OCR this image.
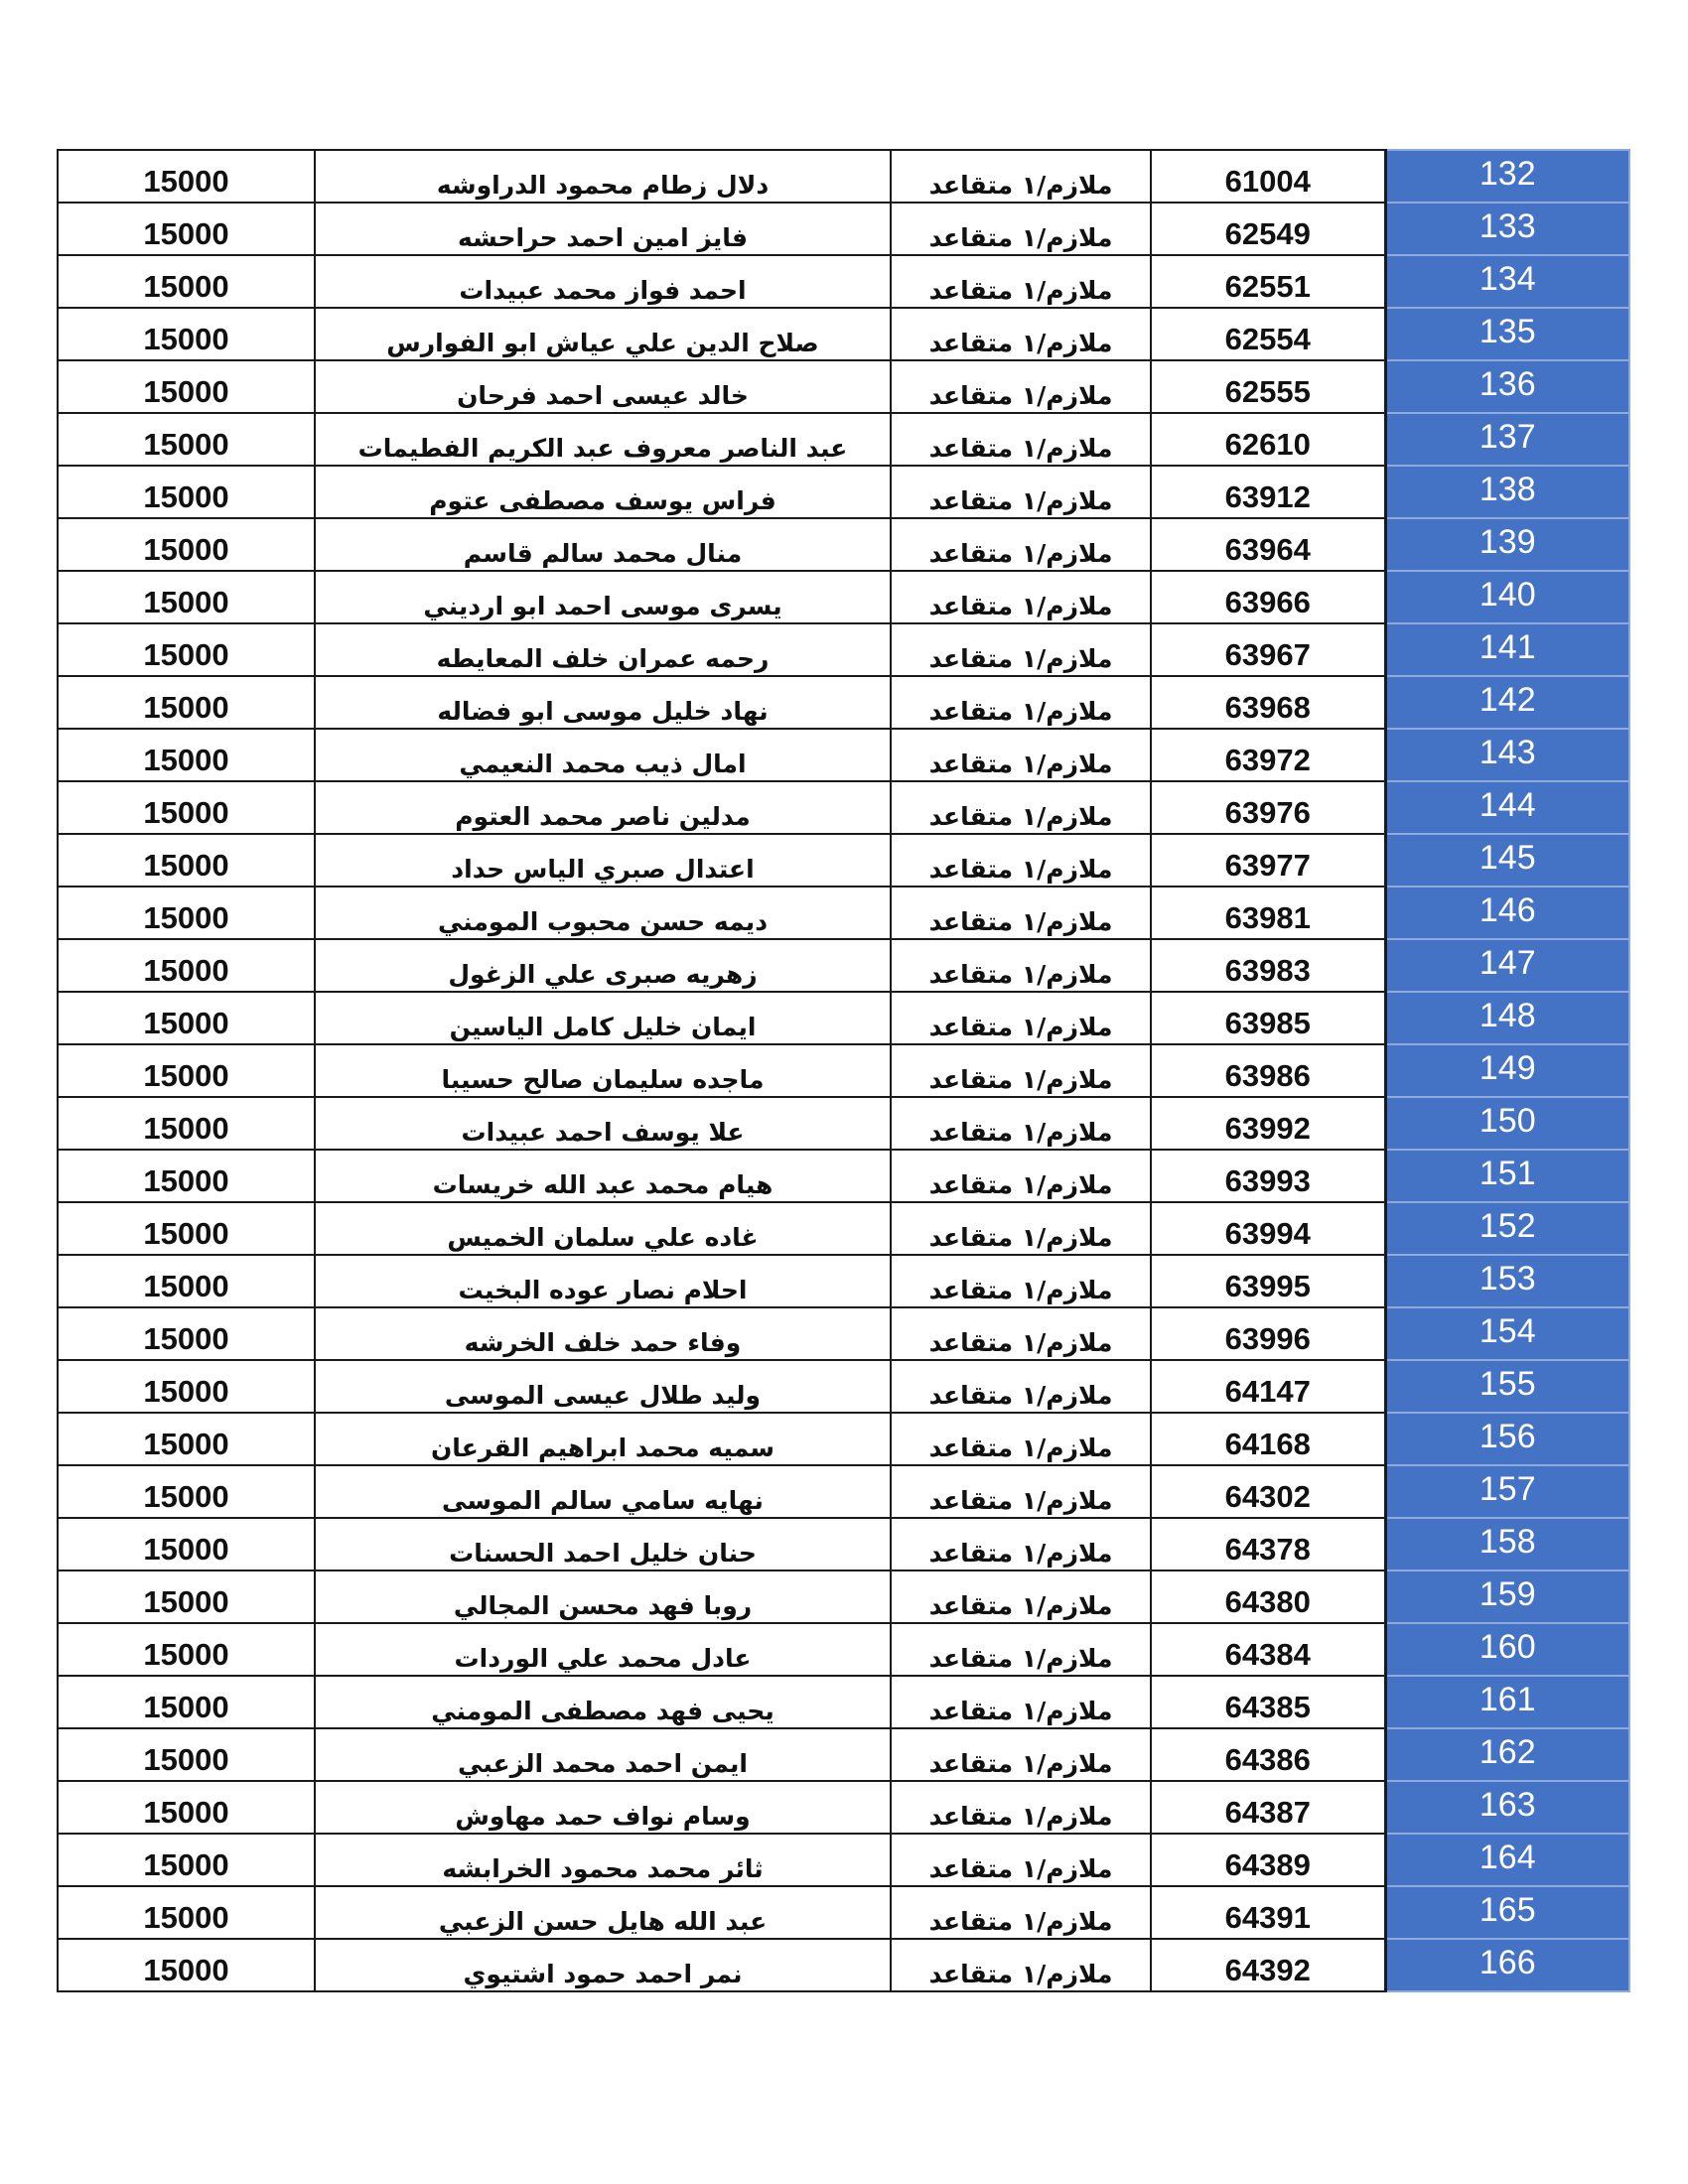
15000	دلال زطام محمود الدراوشه	ملازم/١ متقاعد	61004	132
15000	فايز امين احمد حراحشه	ملازم/١ متقاعد	62549	133
15000	احمد فواز محمد عبيدات	ملازم/١ متقاعد	62551	134
15000	صلاح الدين علي عياش ابو الفوارس	ملازم/١ متقاعد	62554	135
15000	خالد عيسى احمد فرحان	ملازم/١ متقاعد	62555	136
15000	عبد الناصر معروف عبد الكريم الفطيمات	ملازم/١ متقاعد	62610	137
15000	فراس يوسف مصطفى عتوم	ملازم/١ متقاعد	63912	138
15000	منال محمد سالم قاسم	ملازم/١ متقاعد	63964	139
15000	يسرى موسى احمد ابو ارديني	ملازم/١ متقاعد	63966	140
15000	رحمه عمران خلف المعايطه	ملازم/١ متقاعد	63967	141
15000	نهاد خليل موسى ابو فضاله	ملازم/١ متقاعد	63968	142
15000	امال ذيب محمد النعيمي	ملازم/١ متقاعد	63972	143
15000	مدلين ناصر محمد العتوم	ملازم/١ متقاعد	63976	144
15000	اعتدال صبري الياس حداد	ملازم/١ متقاعد	63977	145
15000	ديمه حسن محبوب المومني	ملازم/١ متقاعد	63981	146
15000	زهريه صبرى علي الزغول	ملازم/١ متقاعد	63983	147
15000	ايمان خليل كامل الياسين	ملازم/١ متقاعد	63985	148
15000	ماجده سليمان صالح حسيبا	ملازم/١ متقاعد	63986	149
15000	علا يوسف احمد عبيدات	ملازم/١ متقاعد	63992	150
15000	هيام محمد عبد الله خريسات	ملازم/١ متقاعد	63993	151
15000	غاده علي سلمان الخميس	ملازم/١ متقاعد	63994	152
15000	احلام نصار عوده البخيت	ملازم/١ متقاعد	63995	153
15000	وفاء حمد خلف الخرشه	ملازم/١ متقاعد	63996	154
15000	وليد طلال عيسى الموسى	ملازم/١ متقاعد	64147	155
15000	سميه محمد ابراهيم القرعان	ملازم/١ متقاعد	64168	156
15000	نهايه سامي سالم الموسى	ملازم/١ متقاعد	64302	157
15000	حنان خليل احمد الحسنات	ملازم/١ متقاعد	64378	158
15000	روبا فهد محسن المجالي	ملازم/١ متقاعد	64380	159
15000	عادل محمد علي الوردات	ملازم/١ متقاعد	64384	160
15000	يحيى فهد مصطفى المومني	ملازم/١ متقاعد	64385	161
15000	ايمن احمد محمد الزعبي	ملازم/١ متقاعد	64386	162
15000	وسام نواف حمد مهاوش	ملازم/١ متقاعد	64387	163
15000	ثائر محمد محمود الخرابشه	ملازم/١ متقاعد	64389	164
15000	عبد الله هايل حسن الزعبي	ملازم/١ متقاعد	64391	165
15000	نمر احمد حمود اشتيوي	ملازم/١ متقاعد	64392	166
